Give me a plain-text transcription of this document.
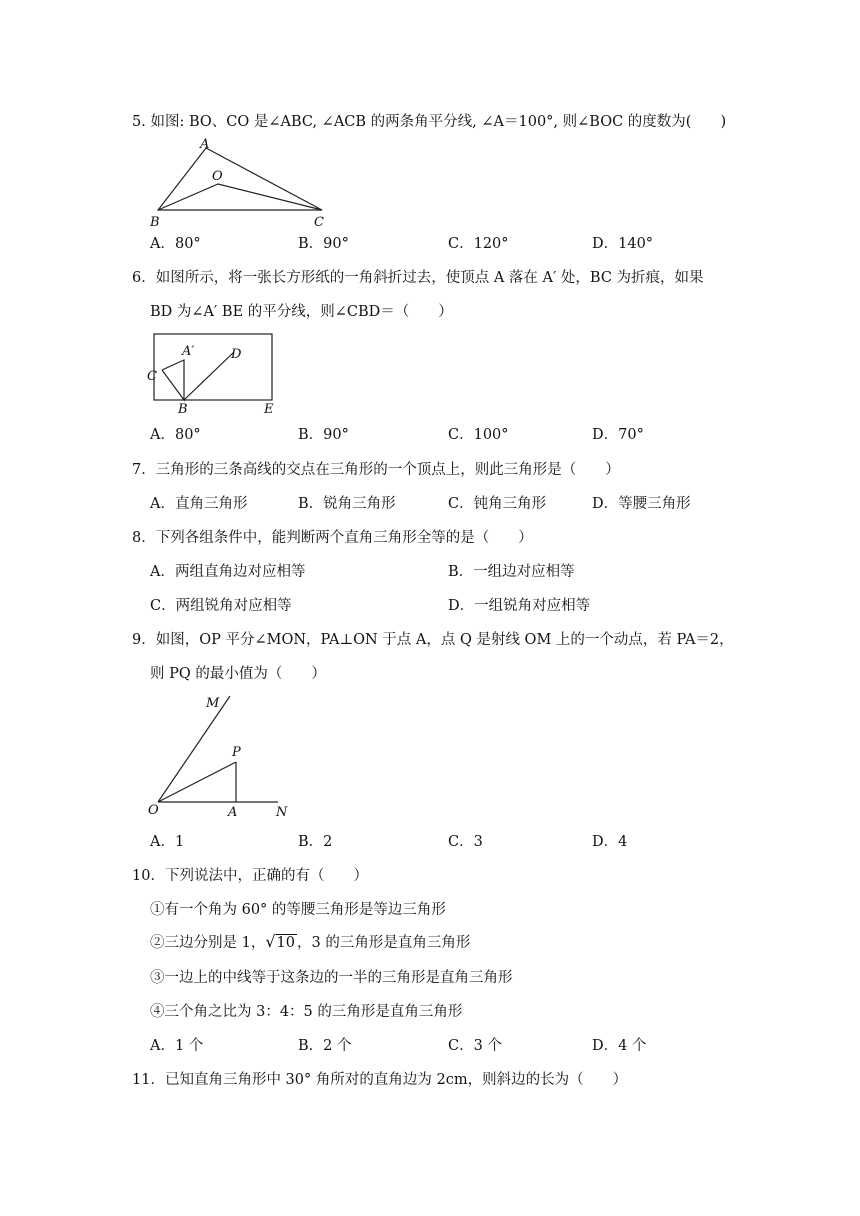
5. 如图: BO、CO 是∠ABC, ∠ACB 的两条角平分线, ∠A＝100°, 则∠BOC 的度数为(　　)
A
O
B	C
A．80°	B．90°	C．120°	D．140°
6．如图所示，将一张长方形纸的一角斜折过去，使顶点 A 落在 A′ 处，BC 为折痕，如果
BD 为∠A′ BE 的平分线，则∠CBD＝（　　）
A′
C
D
B	E
A．80°	B．90°	C．100°	D．70°
7．三角形的三条高线的交点在三角形的一个顶点上，则此三角形是（　　）
A．直角三角形	B．锐角三角形	C．钝角三角形	D．等腰三角形
8．下列各组条件中，能判断两个直角三角形全等的是（　　）
A．两组直角边对应相等	B．一组边对应相等
C．两组锐角对应相等	D．一组锐角对应相等
9．如图，OP 平分∠MON，PA⊥ON 于点 A，点 Q 是射线 OM 上的一个动点，若 PA＝2，
则 PQ 的最小值为（　　）
M
P
O	A	N
A．1	B．2	C．3	D．4
10．下列说法中，正确的有（　　）
①有一个角为 60° 的等腰三角形是等边三角形
②三边分别是 1，√10 ，3 的三角形是直角三角形
③一边上的中线等于这条边的一半的三角形是直角三角形
④三个角之比为 3：4：5 的三角形是直角三角形
A．1 个	B．2 个	C．3 个	D．4 个
11．已知直角三角形中 30° 角所对的直角边为 2cm，则斜边的长为（　　）
